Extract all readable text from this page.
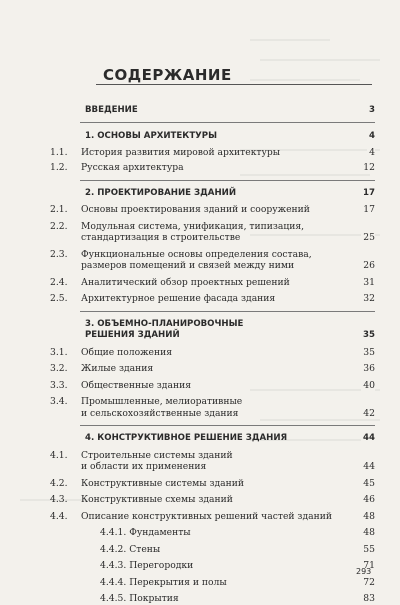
СОДЕРЖАНИЕ
ВВЕДЕНИЕ	3
1. ОСНОВЫ АРХИТЕКТУРЫ	4
1.1.	История развития мировой архитектуры	4
1.2.	Русская архитектура	12
2. ПРОЕКТИРОВАНИЕ ЗДАНИЙ	17
2.1.	Основы проектирования зданий и сооружений	17
2.2.	Модульная система, унификация, типизация,
стандартизация в строительстве	25
2.3.	Функциональные основы определения состава,
размеров помещений и связей между ними	26
2.4.	Аналитический обзор проектных решений	31
2.5.	Архитектурное решение фасада здания	32
3. ОБЪЕМНО-ПЛАНИРОВОЧНЫЕ
РЕШЕНИЯ ЗДАНИЙ	35
3.1.	Общие положения	35
3.2.	Жилые здания	36
3.3.	Общественные здания	40
3.4.	Промышленные, мелиоративные
и сельскохозяйственные здания	42
4. КОНСТРУКТИВНОЕ РЕШЕНИЕ ЗДАНИЯ	44
4.1.	Строительные системы зданий
и области их применения	44
4.2.	Конструктивные системы зданий	45
4.3.	Конструктивные схемы зданий	46
4.4.	Описание конструктивных решений частей зданий	48
4.4.1. Фундаменты	48
4.4.2. Стены	55
4.4.3. Перегородки	71
4.4.4. Перекрытия и полы	72
4.4.5. Покрытия	83
293
